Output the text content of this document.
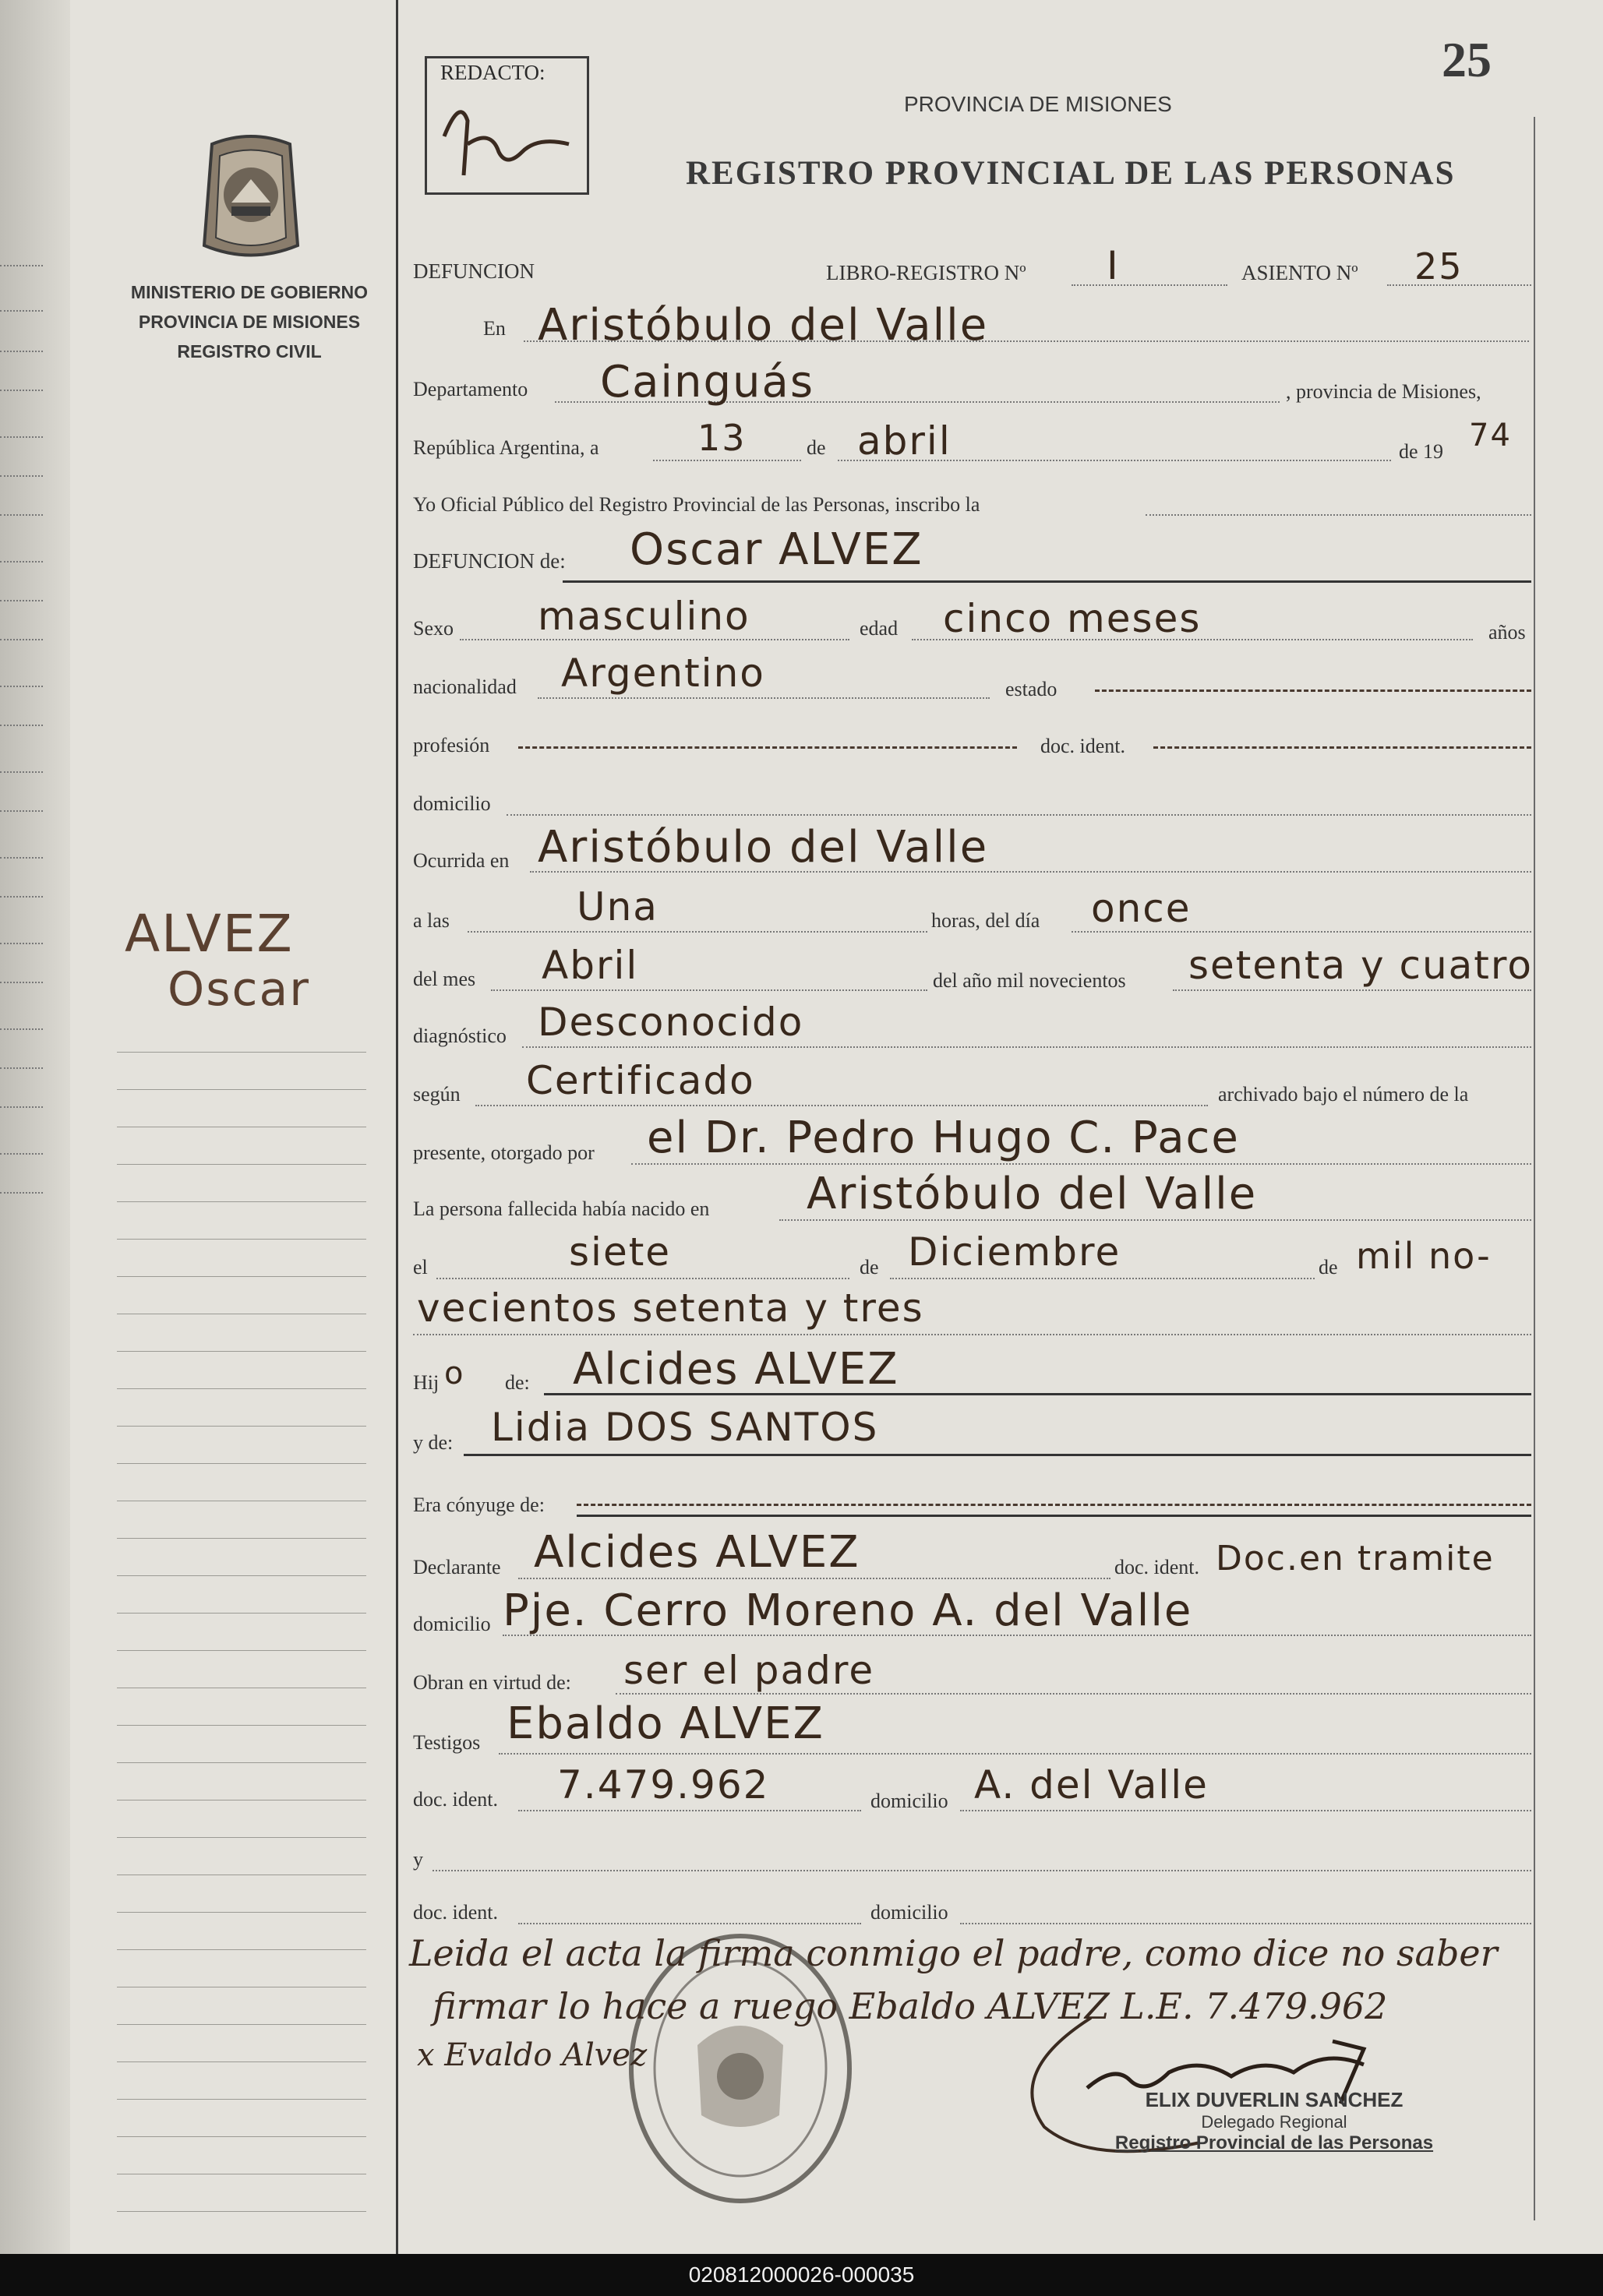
MINISTERIO DE GOBIERNO
PROVINCIA DE MISIONES
REGISTRO CIVIL
ALVEZ
Oscar
25
REDACTO:
PROVINCIA DE MISIONES
REGISTRO PROVINCIAL DE LAS PERSONAS
DEFUNCION	LIBRO-REGISTRO Nº I	ASIENTO Nº 25
En Aristóbulo del Valle
Departamento Cainguás	, provincia de Misiones,
República Argentina, a	13	de abril	de 19 74
Yo Oficial Público del Registro Provincial de las Personas, inscribo la
DEFUNCION de: Oscar ALVEZ
Sexo masculino	edad cinco meses	años
nacionalidad Argentino	estado
profesión	doc. ident.
domicilio
Ocurrida en Aristóbulo del Valle
a las	Una	horas, del día once
del mes Abril	del año mil novecientos setenta y cuatro
diagnóstico Desconocido
según Certificado	archivado bajo el número de la
presente, otorgado por el Dr. Pedro Hugo C. Pace
La persona fallecida había nacido en Aristóbulo del Valle
el	siete	de Diciembre	de mil no-
vecientos setenta y tres
Hij o de: Alcides ALVEZ
y de: Lidia DOS SANTOS
Era cónyuge de:
Declarante Alcides ALVEZ	doc. ident. Doc.en tramite
domicilio Pje. Cerro Moreno A. del Valle
Obran en virtud de: ser el padre
Testigos Ebaldo ALVEZ
doc. ident. 7.479.962	domicilio A. del Valle
y
doc. ident.	domicilio
Leida el acta la firma conmigo el padre, como dice no saber
firmar lo hace a ruego Ebaldo ALVEZ L.E. 7.479.962
x Evaldo Alvez
ELIX DUVERLIN SANCHEZ
Delegado Regional
Registro Provincial de las Personas
020812000026-000035
